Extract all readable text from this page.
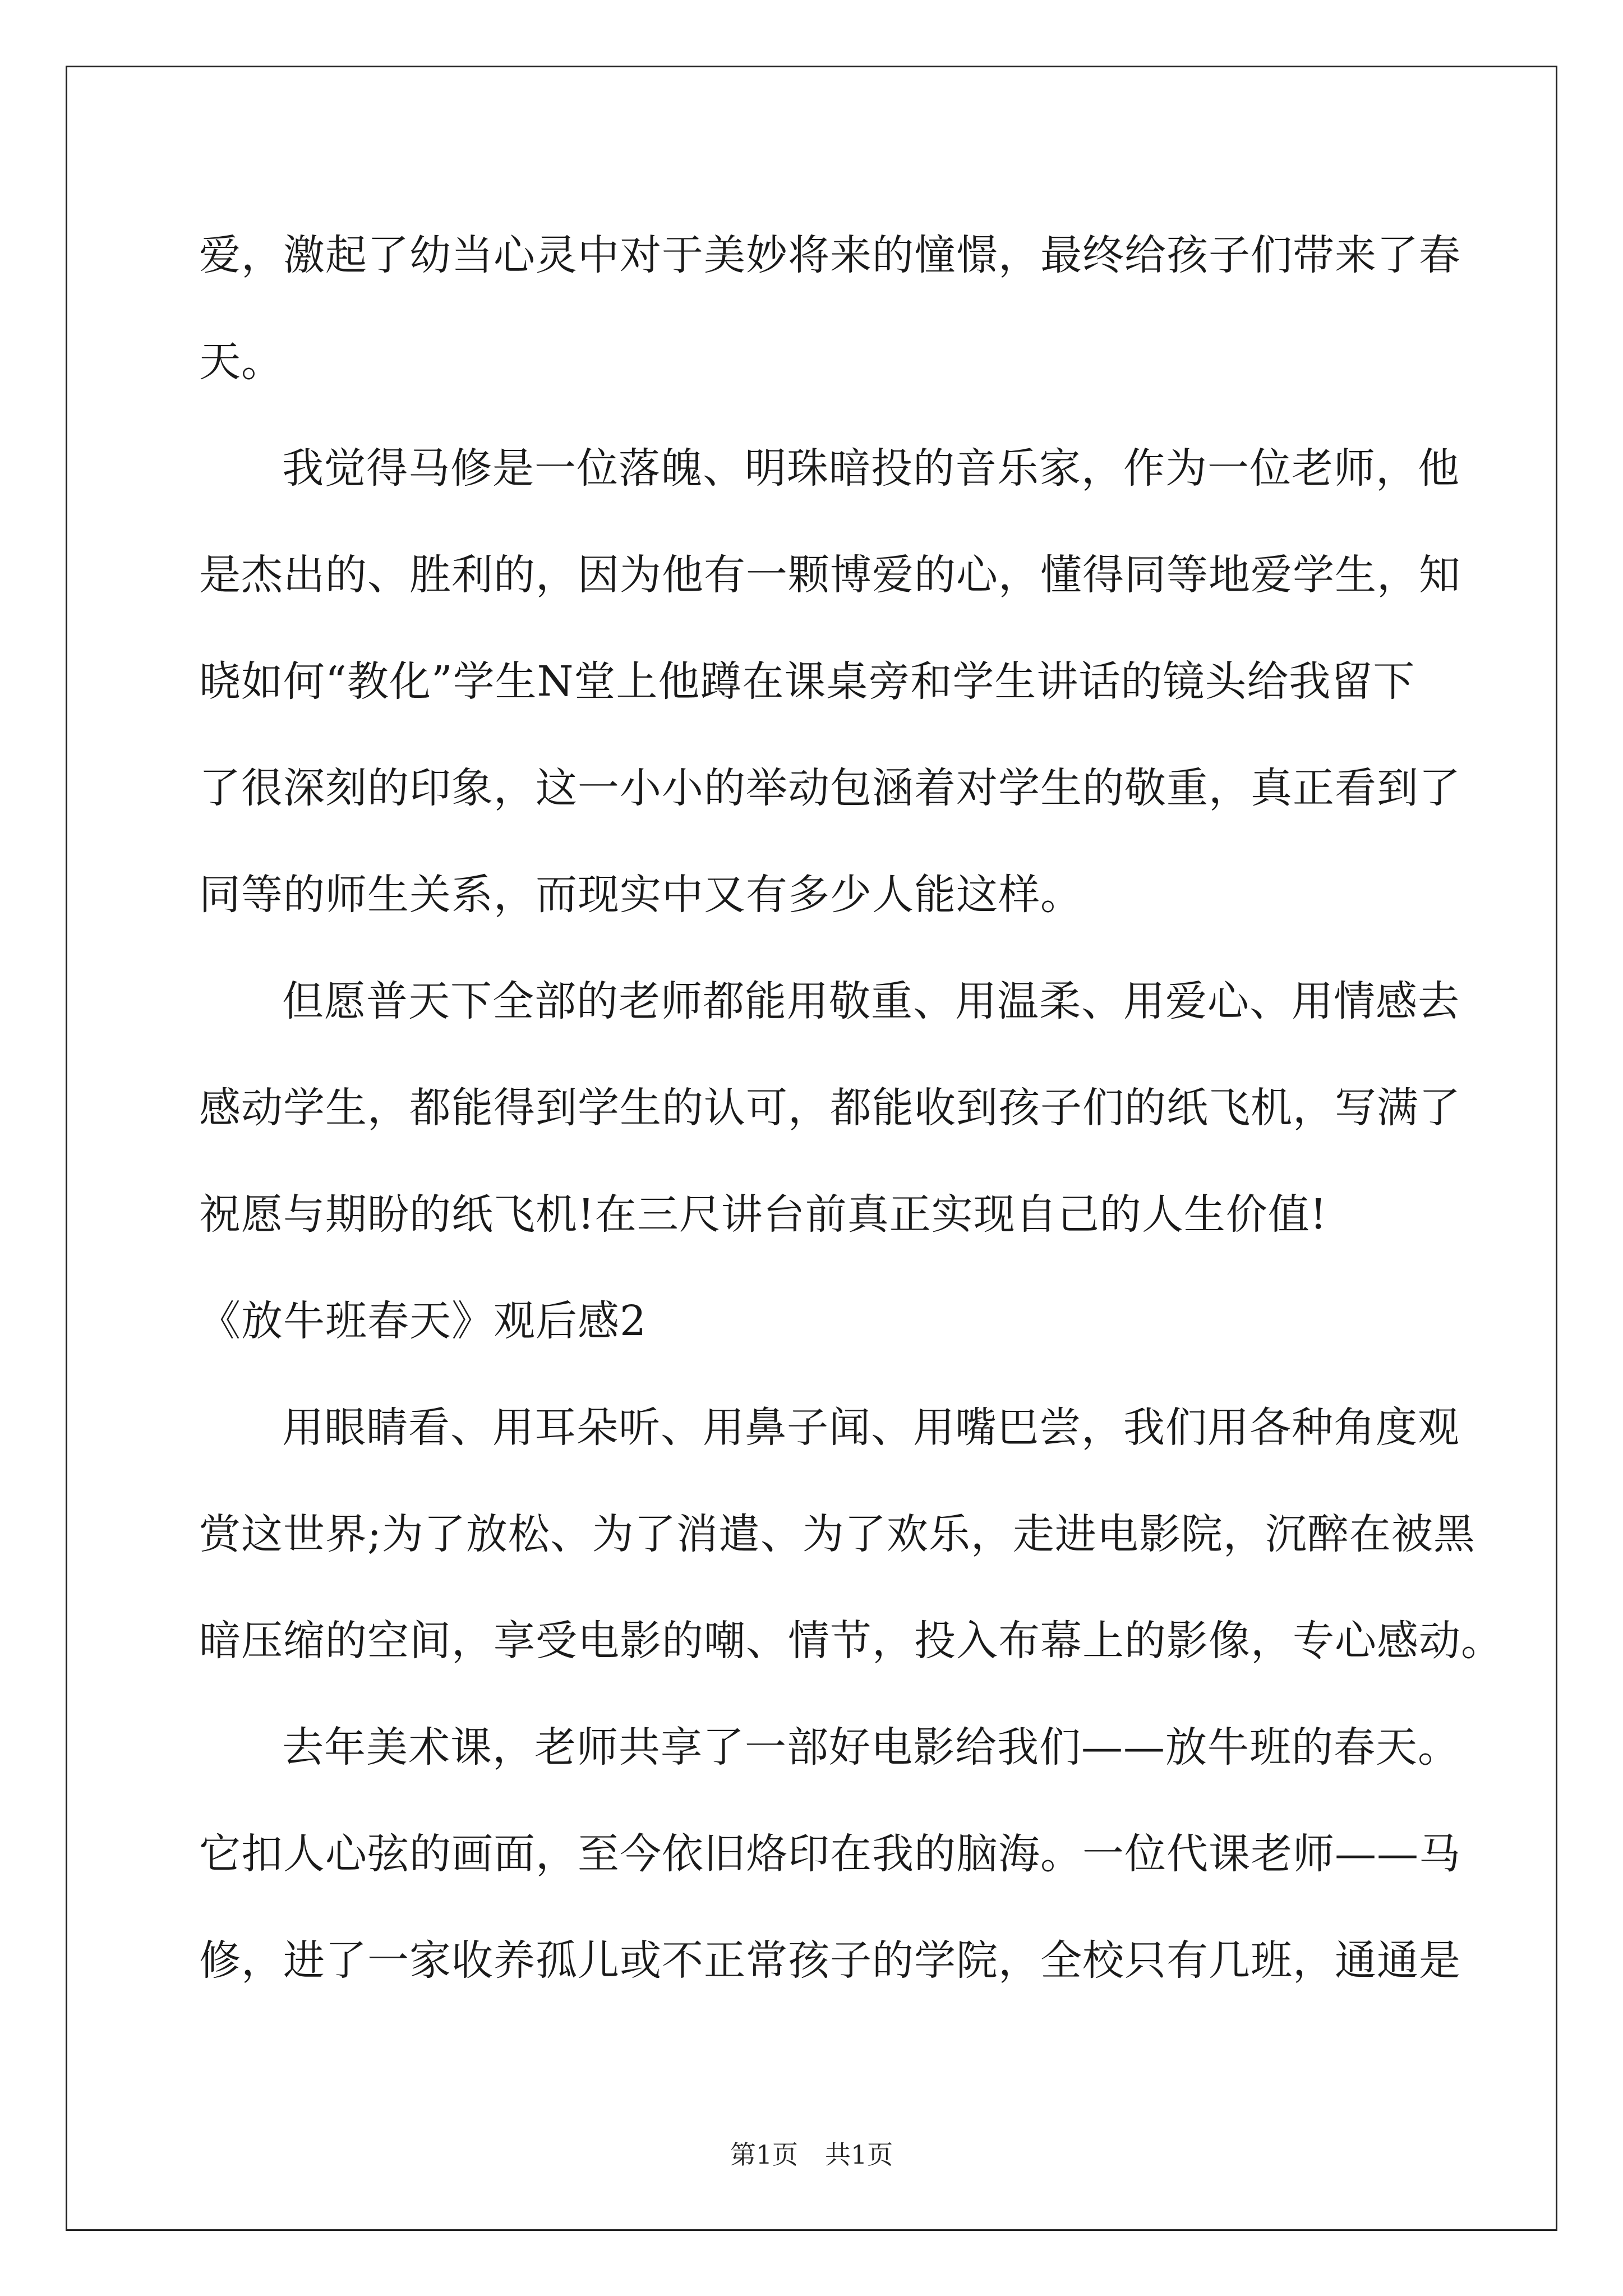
爱，激起了幼当心灵中对于美妙将来的憧憬，最终给孩子们带来了春
天。
我觉得马修是一位落魄、明珠暗投的音乐家，作为一位老师，他
是杰出的、胜利的，因为他有一颗博爱的心，懂得同等地爱学生，知
晓如何“教化”学生N堂上他蹲在课桌旁和学生讲话的镜头给我留下
了很深刻的印象，这一小小的举动包涵着对学生的敬重，真正看到了
同等的师生关系，而现实中又有多少人能这样。
但愿普天下全部的老师都能用敬重、用温柔、用爱心、用情感去
感动学生，都能得到学生的认可，都能收到孩子们的纸飞机，写满了
祝愿与期盼的纸飞机!在三尺讲台前真正实现自己的人生价值!
《放牛班春天》观后感2
用眼睛看、用耳朵听、用鼻子闻、用嘴巴尝，我们用各种角度观
赏这世界;为了放松、为了消遣、为了欢乐，走进电影院，沉醉在被黑
暗压缩的空间，享受电影的嘲、情节，投入布幕上的影像，专心感动。
去年美术课，老师共享了一部好电影给我们——放牛班的春天。
它扣人心弦的画面，至今依旧烙印在我的脑海。一位代课老师——马
修，进了一家收养孤儿或不正常孩子的学院，全校只有几班，通通是
第1页 共1页
